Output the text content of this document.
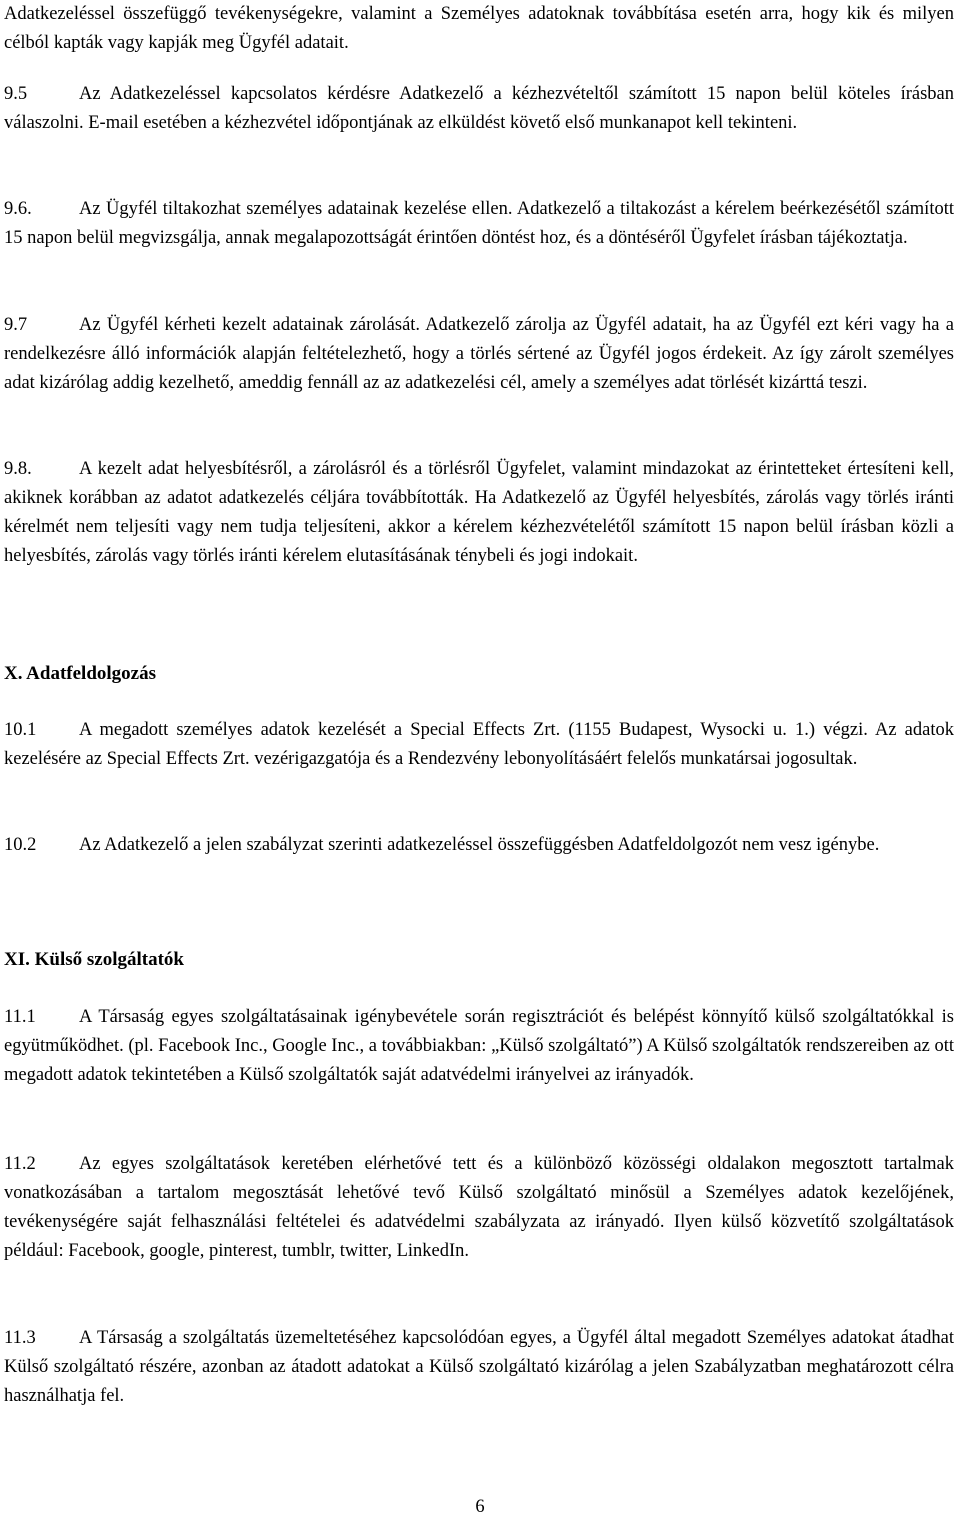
Adatkezeléssel összefüggő tevékenységekre, valamint a Személyes adatoknak továbbítása esetén arra, hogy kik és milyen célból kapták vagy kapják meg Ügyfél adatait.

9.5	Az Adatkezeléssel kapcsolatos kérdésre Adatkezelő a kézhezvételtől számított 15 napon belül köteles írásban válaszolni. E-mail esetében a kézhezvétel időpontjának az elküldést követő első munkanapot kell tekinteni.

9.6.	Az Ügyfél tiltakozhat személyes adatainak kezelése ellen. Adatkezelő a tiltakozást a kérelem beérkezésétől számított 15 napon belül megvizsgálja, annak megalapozottságát érintően döntést hoz, és a döntéséről Ügyfelet írásban tájékoztatja.

9.7	Az Ügyfél kérheti kezelt adatainak zárolását. Adatkezelő zárolja az Ügyfél adatait, ha az Ügyfél ezt kéri vagy ha a rendelkezésre álló információk alapján feltételezhető, hogy a törlés sértené az Ügyfél jogos érdekeit. Az így zárolt személyes adat kizárólag addig kezelhető, ameddig fennáll az az adatkezelési cél, amely a személyes adat törlését kizárttá teszi.

9.8.	A kezelt adat helyesbítésről, a zárolásról és a törlésről Ügyfelet, valamint mindazokat az érintetteket értesíteni kell, akiknek korábban az adatot adatkezelés céljára továbbították. Ha Adatkezelő az Ügyfél helyesbítés, zárolás vagy törlés iránti kérelmét nem teljesíti vagy nem tudja teljesíteni, akkor a kérelem kézhezvételétől számított 15 napon belül írásban közli a helyesbítés, zárolás vagy törlés iránti kérelem elutasításának ténybeli és jogi indokait.

X. Adatfeldolgozás

10.1 A megadott személyes adatok kezelését a Special Effects Zrt. (1155 Budapest, Wysocki u. 1.) végzi. Az adatok kezelésére az Special Effects Zrt. vezérigazgatója és a Rendezvény lebonyolításáért felelős munkatársai jogosultak.

10.2 Az Adatkezelő a jelen szabályzat szerinti adatkezeléssel összefüggésben Adatfeldolgozót nem vesz igénybe.

XI. Külső szolgáltatók

11.1 A Társaság egyes szolgáltatásainak igénybevétele során regisztrációt és belépést könnyítő külső szolgáltatókkal is együtműködhet. (pl. Facebook Inc., Google Inc., a továbbiakban: „Külső szolgáltató”) A Külső szolgáltatók rendszereiben az ott megadott adatok tekintetében a Külső szolgáltatók saját adatvédelmi irányelvei az irányadók.

11.2 Az egyes szolgáltatások keretében elérhetővé tett és a különböző közösségi oldalakon megosztott tartalmak vonatkozásában a tartalom megosztását lehetővé tevő Külső szolgáltató minősül a Személyes adatok kezelőjének, tevékenységére saját felhasználási feltételei és adatvédelmi szabályzata az irányadó. Ilyen külső közvetítő szolgáltatások például: Facebook, google, pinterest, tumblr, twitter, LinkedIn.

11.3 A Társaság a szolgáltatás üzemeltetéséhez kapcsolódóan egyes, a Ügyfél által megadott Személyes adatokat átadhat Külső szolgáltató részére, azonban az átadott adatokat a Külső szolgáltató kizárólag a jelen Szabályzatban meghatározott célra használhatja fel.

6
